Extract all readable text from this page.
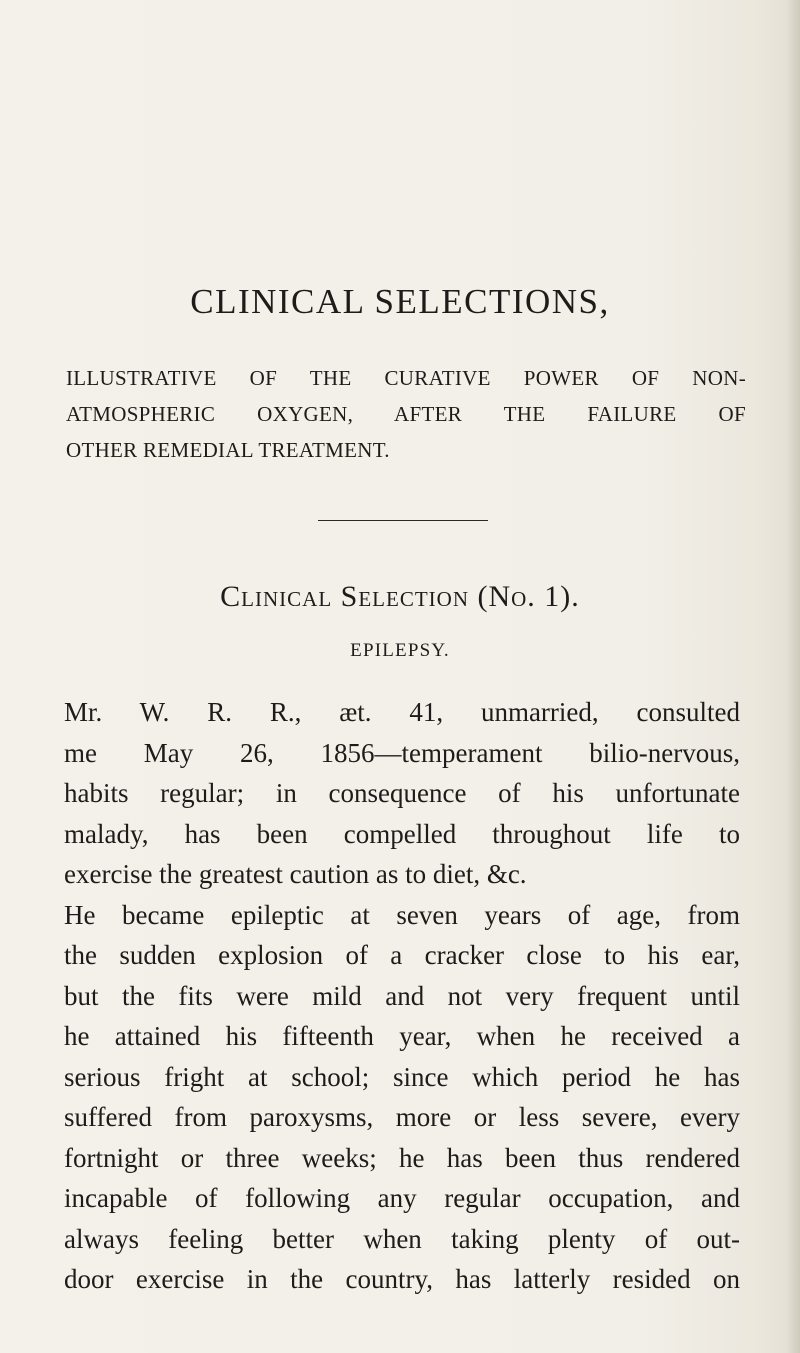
CLINICAL SELECTIONS,
ILLUSTRATIVE OF THE CURATIVE POWER OF NON-
ATMOSPHERIC OXYGEN, AFTER THE FAILURE OF
OTHER REMEDIAL TREATMENT.
Clinical Selection (No. 1).
EPILEPSY.
Mr. W. R. R., æt. 41, unmarried, consulted
me May 26, 1856—temperament bilio-nervous,
habits regular; in consequence of his unfortunate
malady, has been compelled throughout life to
exercise the greatest caution as to diet, &c.
He became epileptic at seven years of age, from
the sudden explosion of a cracker close to his ear,
but the fits were mild and not very frequent until
he attained his fifteenth year, when he received a
serious fright at school; since which period he has
suffered from paroxysms, more or less severe, every
fortnight or three weeks; he has been thus rendered
incapable of following any regular occupation, and
always feeling better when taking plenty of out-
door exercise in the country, has latterly resided on
